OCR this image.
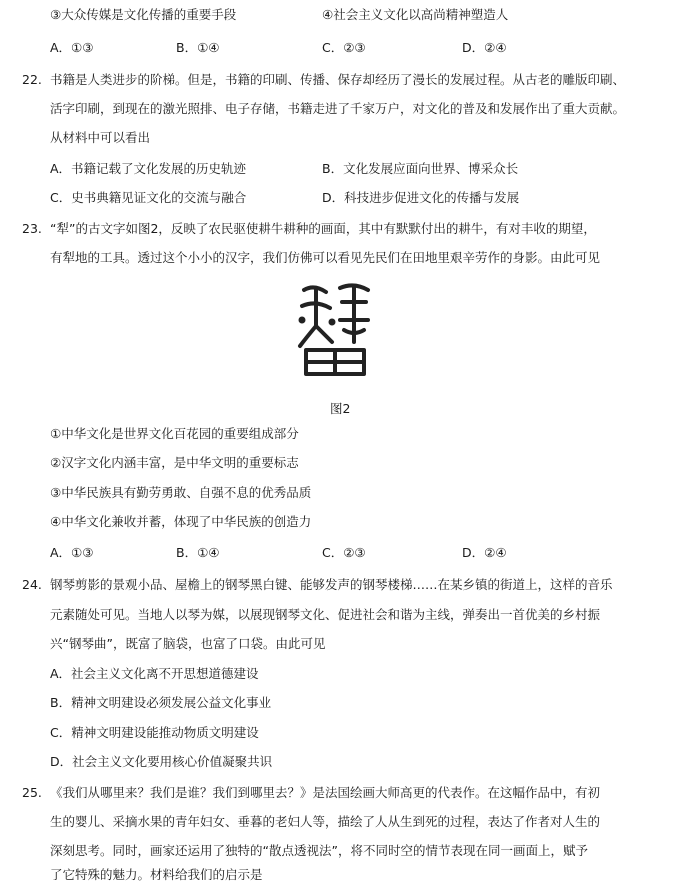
③大众传媒是文化传播的重要手段	④社会主义文化以高尚精神塑造人
A．①③	B．①④	C．②③	D．②④
22. 书籍是人类进步的阶梯。但是，书籍的印刷、传播、保存却经历了漫长的发展过程。从古老的雕版印刷、
活字印刷，到现在的激光照排、电子存储，书籍走进了千家万户，对文化的普及和发展作出了重大贡献。
从材料中可以看出
A．书籍记载了文化发展的历史轨迹	B．文化发展应面向世界、博采众长
C．史书典籍见证文化的交流与融合	D．科技进步促进文化的传播与发展
23. “犁”的古文字如图2，反映了农民驱使耕牛耕种的画面，其中有默默付出的耕牛，有对丰收的期望，
有犁地的工具。透过这个小小的汉字，我们仿佛可以看见先民们在田地里艰辛劳作的身影。由此可见
图2
①中华文化是世界文化百花园的重要组成部分
②汉字文化内涵丰富，是中华文明的重要标志
③中华民族具有勤劳勇敢、自强不息的优秀品质
④中华文化兼收并蓄，体现了中华民族的创造力
A．①③	B．①④	C．②③	D．②④
24. 钢琴剪影的景观小品、屋檐上的钢琴黑白键、能够发声的钢琴楼梯……在某乡镇的街道上，这样的音乐
元素随处可见。当地人以琴为媒，以展现钢琴文化、促进社会和谐为主线，弹奏出一首优美的乡村振
兴“钢琴曲”，既富了脑袋，也富了口袋。由此可见
A．社会主义文化离不开思想道德建设
B．精神文明建设必须发展公益文化事业
C．精神文明建设能推动物质文明建设
D．社会主义文化要用核心价值凝聚共识
25. 《我们从哪里来？我们是谁？我们到哪里去？》是法国绘画大师高更的代表作。在这幅作品中，有初
生的婴儿、采摘水果的青年妇女、垂暮的老妇人等，描绘了人从生到死的过程，表达了作者对人生的
深刻思考。同时，画家还运用了独特的“散点透视法”，将不同时空的情节表现在同一画面上，赋予
了它特殊的魅力。材料给我们的启示是
